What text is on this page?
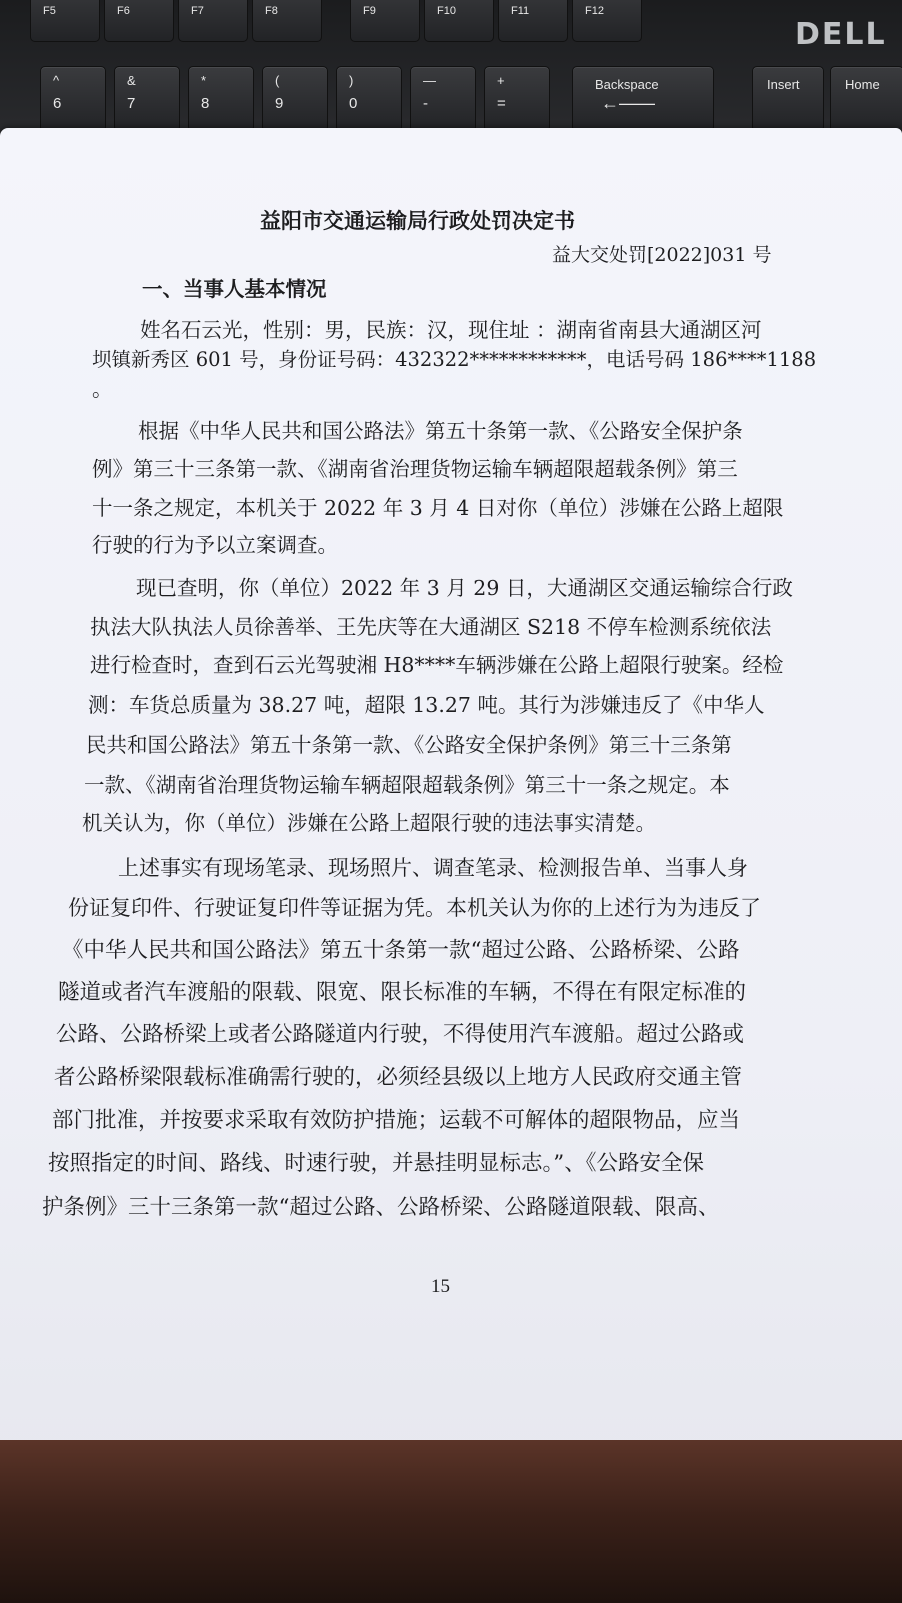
F5	F6	F7	F8	F9	F10	F11	F12
^
6
&
7
*
8
(
9
)
0
—
-
+
=
Backspace
←——
Insert	Home
DELL
益阳市交通运输局行政处罚决定书
益大交处罚[2022]031 号
一、当事人基本情况
姓名石云光，性别：男，民族：汉，现住址 ：湖南省南县大通湖区河
坝镇新秀区 601 号，身份证号码：432322************，电话号码 186****1188
。
根据《中华人民共和国公路法》第五十条第一款、《公路安全保护条
例》第三十三条第一款、《湖南省治理货物运输车辆超限超载条例》第三
十一条之规定，本机关于 2022 年 3 月 4 日对你（单位）涉嫌在公路上超限
行驶的行为予以立案调查。
现已查明，你（单位）2022 年 3 月 29 日，大通湖区交通运输综合行政
执法大队执法人员徐善举、王先庆等在大通湖区 S218 不停车检测系统依法
进行检查时，查到石云光驾驶湘 H8****车辆涉嫌在公路上超限行驶案。经检
测：车货总质量为 38.27 吨，超限 13.27 吨。其行为涉嫌违反了《中华人
民共和国公路法》第五十条第一款、《公路安全保护条例》第三十三条第
一款、《湖南省治理货物运输车辆超限超载条例》第三十一条之规定。本
机关认为，你（单位）涉嫌在公路上超限行驶的违法事实清楚。
上述事实有现场笔录、现场照片、调查笔录、检测报告单、当事人身
份证复印件、行驶证复印件等证据为凭。本机关认为你的上述行为为违反了
《中华人民共和国公路法》第五十条第一款“超过公路、公路桥梁、公路
隧道或者汽车渡船的限载、限宽、限长标准的车辆，不得在有限定标准的
公路、公路桥梁上或者公路隧道内行驶，不得使用汽车渡船。超过公路或
者公路桥梁限载标准确需行驶的，必须经县级以上地方人民政府交通主管
部门批准，并按要求采取有效防护措施；运载不可解体的超限物品，应当
按照指定的时间、路线、时速行驶，并悬挂明显标志。”、《公路安全保
护条例》三十三条第一款“超过公路、公路桥梁、公路隧道限载、限高、
15
